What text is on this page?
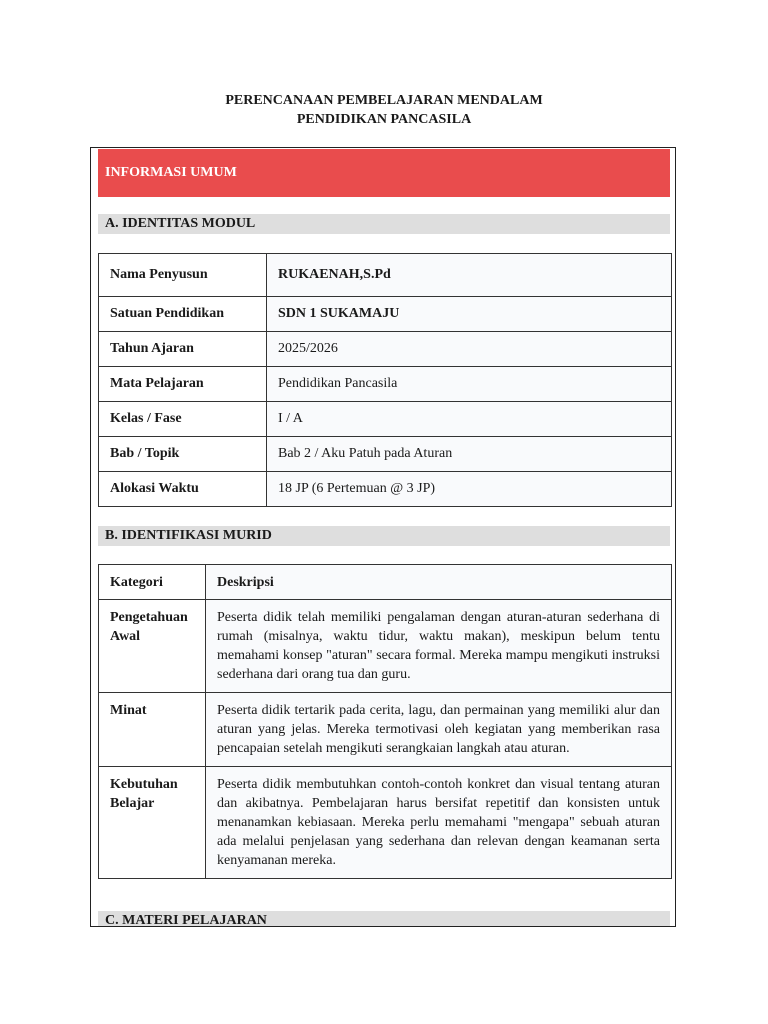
PERENCANAAN PEMBELAJARAN MENDALAM
PENDIDIKAN PANCASILA
INFORMASI UMUM
A. IDENTITAS MODUL
Nama Penyusun	RUKAENAH,S.Pd
Satuan Pendidikan	SDN 1 SUKAMAJU
Tahun Ajaran	2025/2026
Mata Pelajaran	Pendidikan Pancasila
Kelas / Fase	I / A
Bab / Topik	Bab 2 / Aku Patuh pada Aturan
Alokasi Waktu	18 JP (6 Pertemuan @ 3 JP)
B. IDENTIFIKASI MURID
Kategori	Deskripsi
Pengetahuan Awal	Peserta didik telah memiliki pengalaman dengan aturan-aturan sederhana di rumah (misalnya, waktu tidur, waktu makan), meskipun belum tentu memahami konsep "aturan" secara formal. Mereka mampu mengikuti instruksi sederhana dari orang tua dan guru.
Minat	Peserta didik tertarik pada cerita, lagu, dan permainan yang memiliki alur dan aturan yang jelas. Mereka termotivasi oleh kegiatan yang memberikan rasa pencapaian setelah mengikuti serangkaian langkah atau aturan.
Kebutuhan Belajar	Peserta didik membutuhkan contoh-contoh konkret dan visual tentang aturan dan akibatnya. Pembelajaran harus bersifat repetitif dan konsisten untuk menanamkan kebiasaan. Mereka perlu memahami "mengapa" sebuah aturan ada melalui penjelasan yang sederhana dan relevan dengan keamanan serta kenyamanan mereka.
C. MATERI PELAJARAN
